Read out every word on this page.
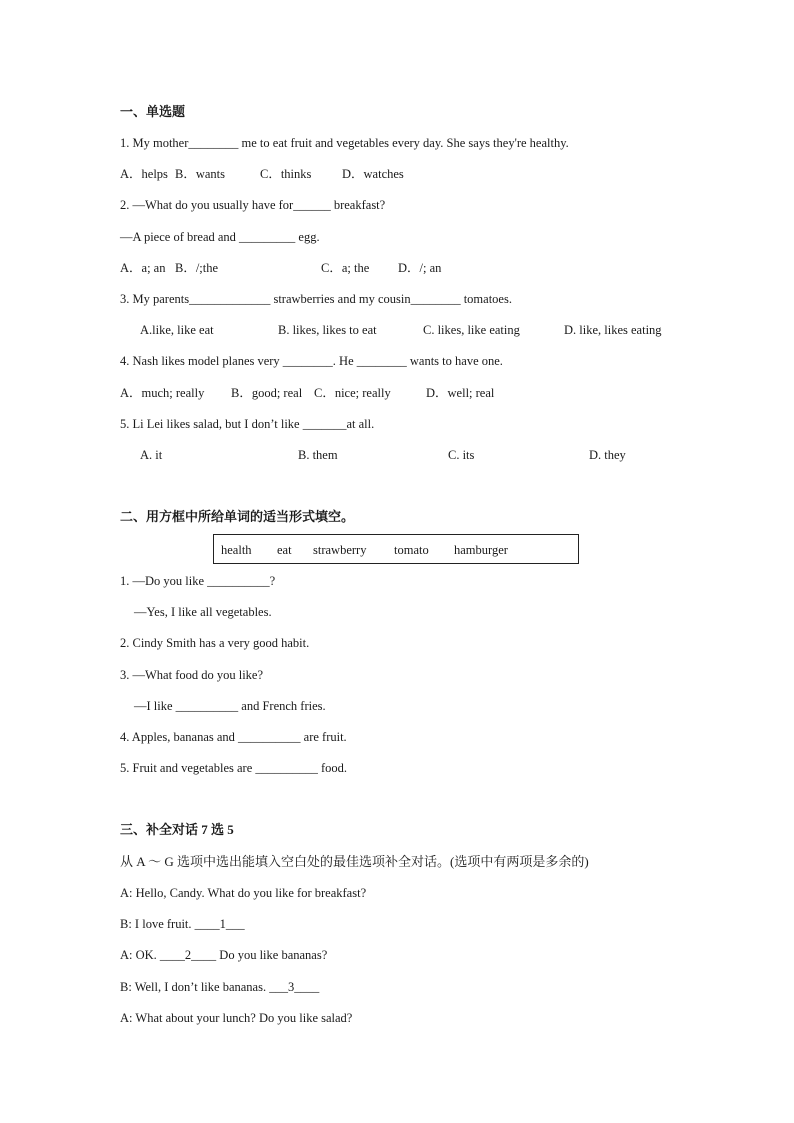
一、单选题
1. My mother________ me to eat fruit and vegetables every day. She says they're healthy.
A．helps B．wants	C．thinks D．watches
2. —What do you usually have for______ breakfast?
—A piece of bread and _________ egg.
A．a; an B．/;the	C．a; the D．/; an
3. My parents_____________ strawberries and my cousin________ tomatoes.
A.like, like eat	B. likes, likes to eat	C. likes, like eating	D. like, likes eating
4. Nash likes model planes very ________. He ________ wants to have one.
A．much; really B．good; real C．nice; really	D．well; real
5. Li Lei likes salad, but I don’t like _______at all.
A. it	B. them	C. its	D. they
二、用方框中所给单词的适当形式填空。
health eat strawberry tomato hamburger
1. —Do you like __________?
—Yes, I like all vegetables.
2. Cindy Smith has a very good habit.
3. —What food do you like?
—I like __________ and French fries.
4. Apples, bananas and __________ are fruit.
5. Fruit and vegetables are __________ food.
三、补全对话 7 选 5
从 A ～ G 选项中选出能填入空白处的最佳选项补全对话。(选项中有两项是多余的)
A: Hello, Candy. What do you like for breakfast?
B: I love fruit. ____1___
A: OK. ____2____ Do you like bananas?
B: Well, I don’t like bananas. ___3____
A: What about your lunch? Do you like salad?
